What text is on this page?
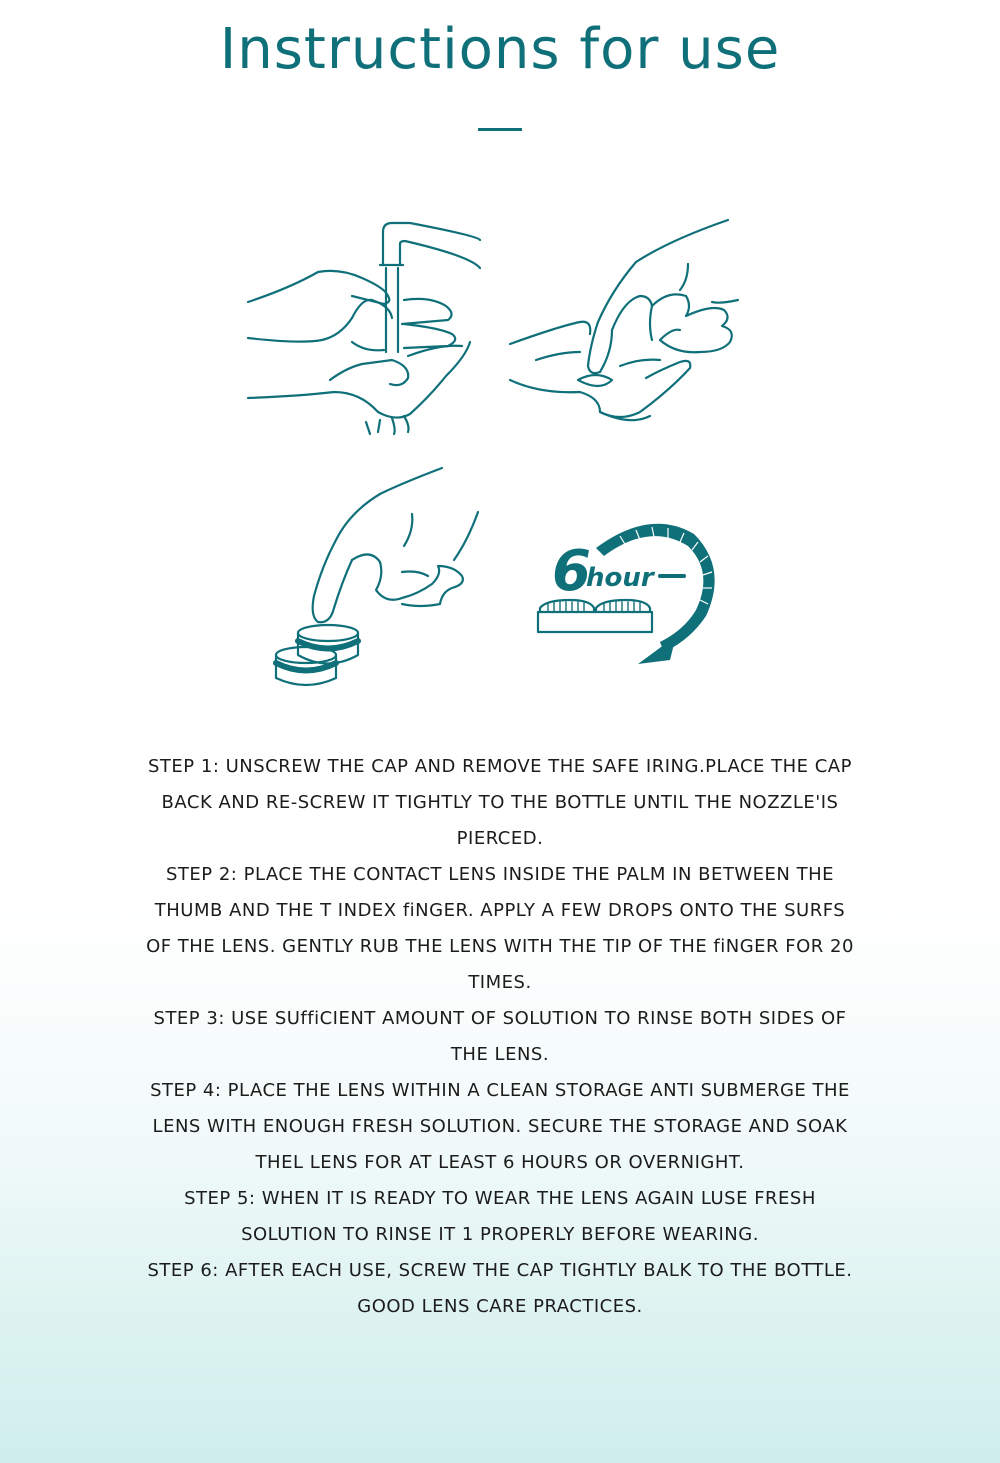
Instructions for use
6
hour

STEP 1: UNSCREW THE CAP AND REMOVE THE SAFE IRING.PLACE THE CAP BACK AND RE-SCREW IT TIGHTLY TO THE BOTTLE UNTIL THE NOZZLE'IS PIERCED.

STEP 2: PLACE THE CONTACT LENS INSIDE THE PALM IN BETWEEN THE THUMB AND THE T INDEX fiNGER. APPLY A FEW DROPS ONTO THE SURFS OF THE LENS. GENTLY RUB THE LENS WITH THE TIP OF THE fiNGER FOR 20 TIMES.

STEP 3: USE SUffiCIENT AMOUNT OF SOLUTION TO RINSE BOTH SIDES OF THE LENS.

STEP 4: PLACE THE LENS WITHIN A CLEAN STORAGE ANTI SUBMERGE THE LENS WITH ENOUGH FRESH SOLUTION. SECURE THE STORAGE AND SOAK THEL LENS FOR AT LEAST 6 HOURS OR OVERNIGHT.

STEP 5: WHEN IT IS READY TO WEAR THE LENS AGAIN LUSE FRESH SOLUTION TO RINSE IT 1 PROPERLY BEFORE WEARING.

STEP 6: AFTER EACH USE, SCREW THE CAP TIGHTLY BALK TO THE BOTTLE. GOOD LENS CARE PRACTICES.
